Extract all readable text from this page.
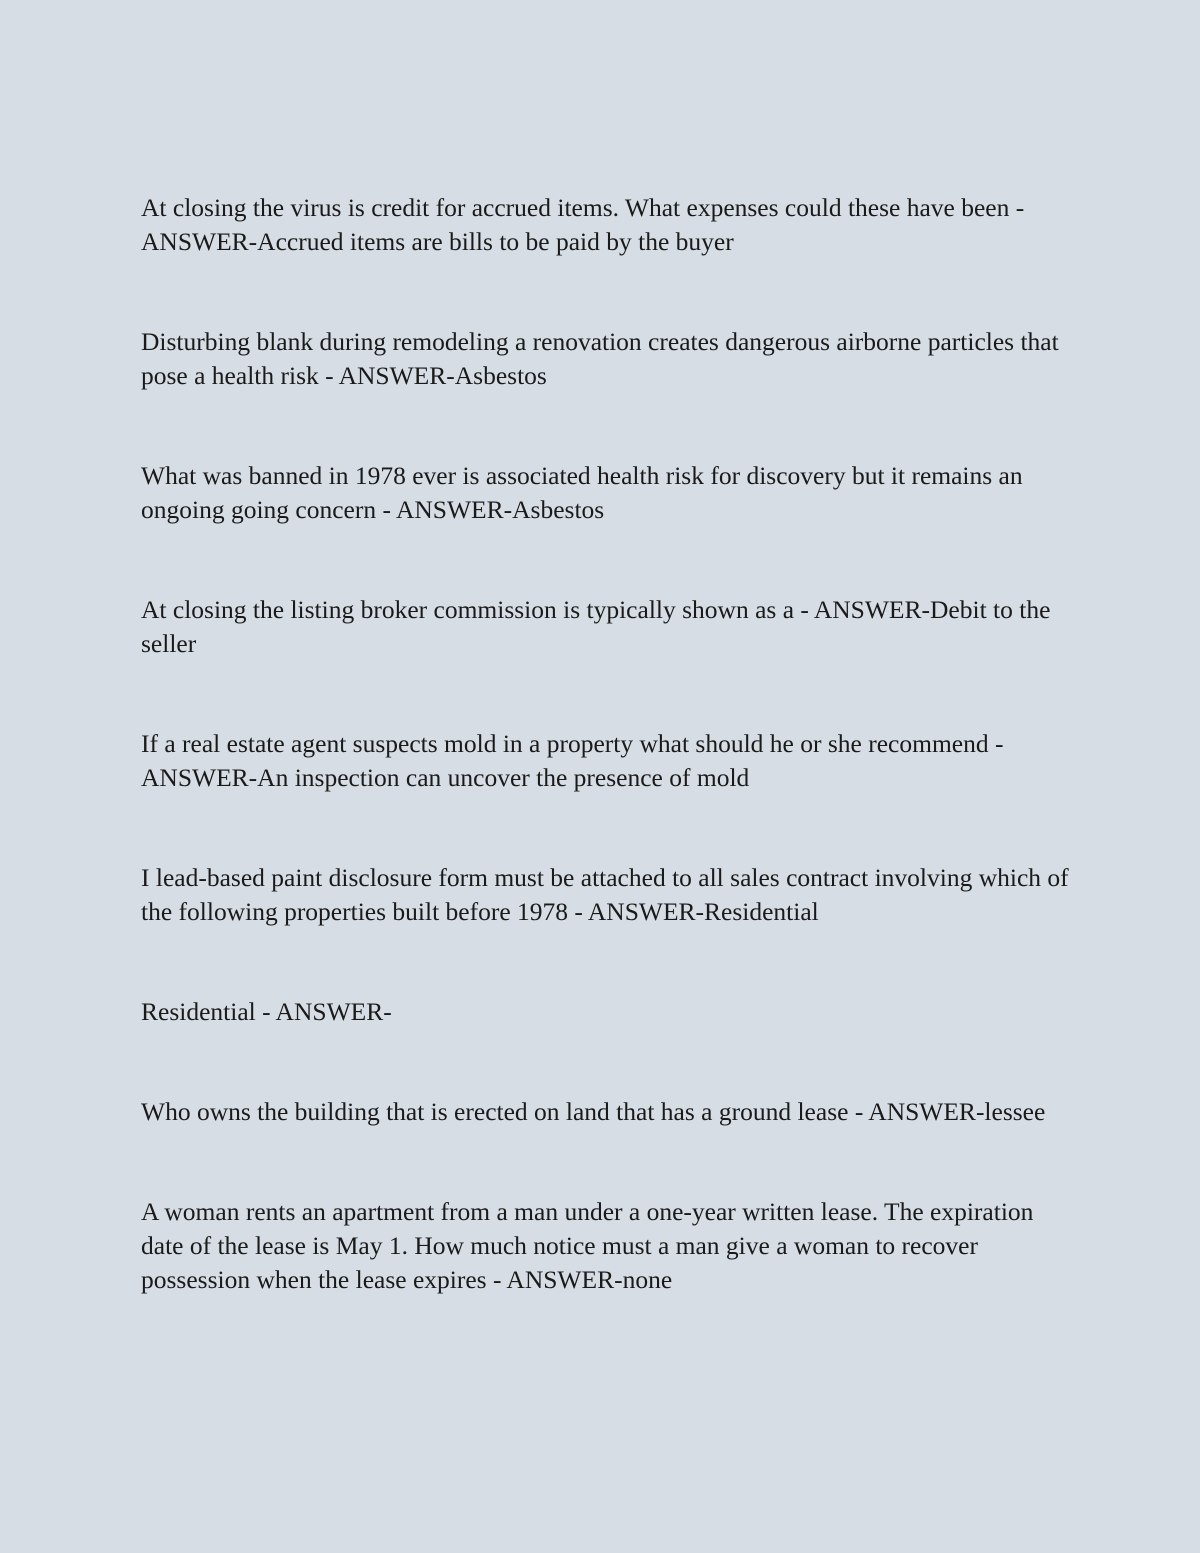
At closing the virus is credit for accrued items. What expenses could these have been - ANSWER-Accrued items are bills to be paid by the buyer

Disturbing blank during remodeling a renovation creates dangerous airborne particles that pose a health risk - ANSWER-Asbestos

What was banned in 1978 ever is associated health risk for discovery but it remains an ongoing going concern - ANSWER-Asbestos

At closing the listing broker commission is typically shown as a - ANSWER-Debit to the seller

If a real estate agent suspects mold in a property what should he or she recommend - ANSWER-An inspection can uncover the presence of mold

I lead-based paint disclosure form must be attached to all sales contract involving which of the following properties built before 1978 - ANSWER-Residential

Residential - ANSWER-

Who owns the building that is erected on land that has a ground lease - ANSWER-lessee

A woman rents an apartment from a man under a one-year written lease. The expiration date of the lease is May 1. How much notice must a man give a woman to recover possession when the lease expires - ANSWER-none
